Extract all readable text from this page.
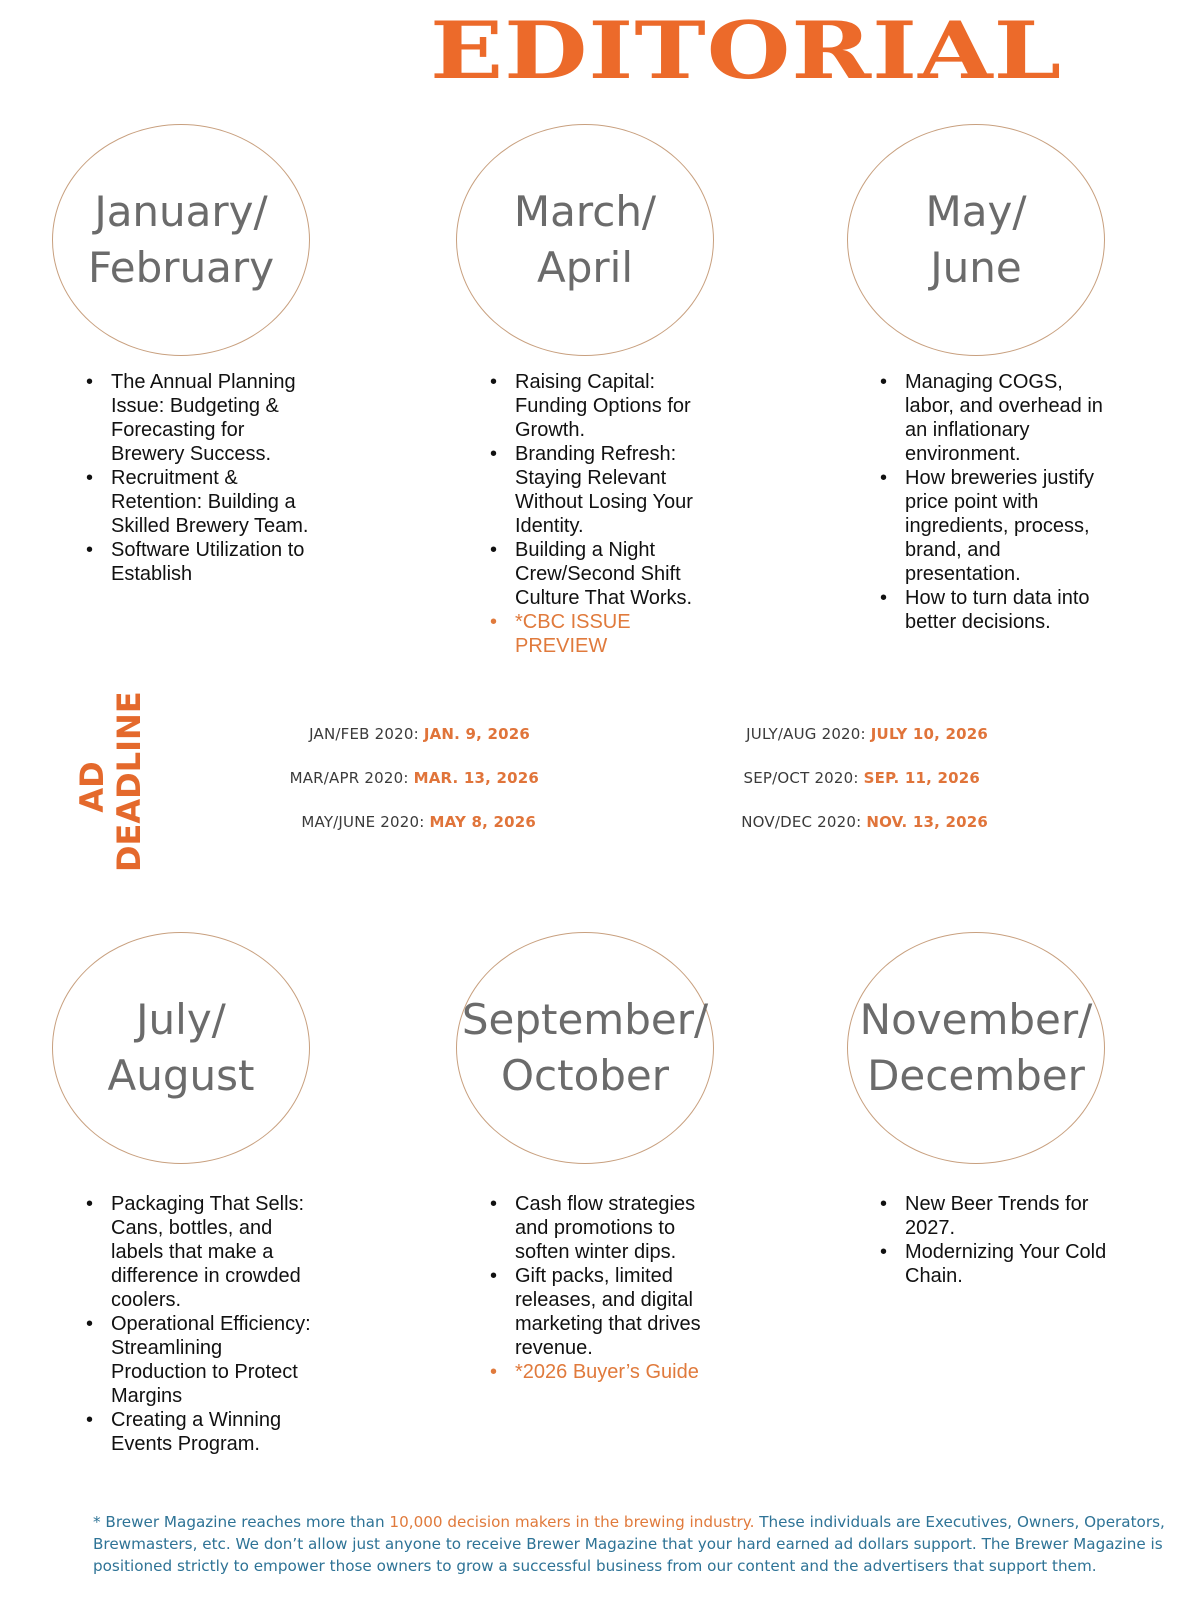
EDITORIAL
January/
February
March/
April
May/
June
• The Annual Planning Issue: Budgeting & Forecasting for Brewery Success.
• Recruitment & Retention: Building a Skilled Brewery Team.
• Software Utilization to Establish
• Raising Capital: Funding Options for Growth.
• Branding Refresh: Staying Relevant Without Losing Your Identity.
• Building a Night Crew/Second Shift Culture That Works.
• *CBC ISSUE PREVIEW
• Managing COGS, labor, and overhead in an inflationary environment.
• How breweries justify price point with ingredients, process, brand, and presentation.
• How to turn data into better decisions.
AD DEADLINE	JAN/FEB 2020: JAN. 9, 2026
MAR/APR 2020: MAR. 13, 2026
MAY/JUNE 2020: MAY 8, 2026
JULY/AUG 2020: JULY 10, 2026
SEP/OCT 2020: SEP. 11, 2026
NOV/DEC 2020: NOV. 13, 2026
July/
August
September/
October
November/
December
• Packaging That Sells: Cans, bottles, and labels that make a difference in crowded coolers.
• Operational Efficiency: Streamlining Production to Protect Margins
• Creating a Winning Events Program.
• Cash flow strategies and promotions to soften winter dips.
• Gift packs, limited releases, and digital marketing that drives revenue.
• *2026 Buyer’s Guide
• New Beer Trends for 2027.
• Modernizing Your Cold Chain.
* Brewer Magazine reaches more than 10,000 decision makers in the brewing industry. These individuals are Executives, Owners, Operators, Brewmasters, etc. We don’t allow just anyone to receive Brewer Magazine that your hard earned ad dollars support. The Brewer Magazine is positioned strictly to empower those owners to grow a successful business from our content and the advertisers that support them.
